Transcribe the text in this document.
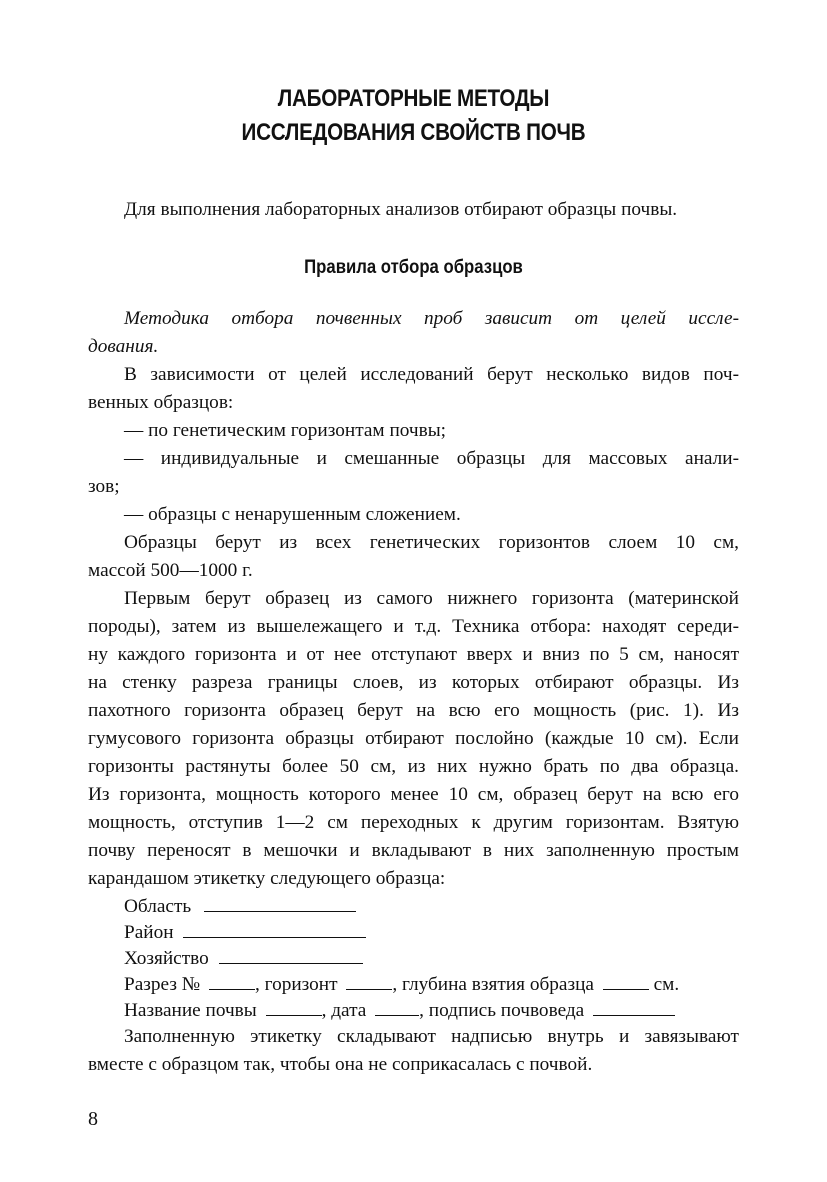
ЛАБОРАТОРНЫЕ МЕТОДЫ
ИССЛЕДОВАНИЯ СВОЙСТВ ПОЧВ
Для выполнения лабораторных анализов отбирают образцы почвы.
Правила отбора образцов
Методика отбора почвенных проб зависит от целей иссле-
дования.
В зависимости от целей исследований берут несколько видов поч-
венных образцов:
— по генетическим горизонтам почвы;
— индивидуальные и смешанные образцы для массовых анали-
зов;
— образцы с ненарушенным сложением.
Образцы берут из всех генетических горизонтов слоем 10 см,
массой 500—1000 г.
Первым берут образец из самого нижнего горизонта (материнской
породы), затем из вышележащего и т.д. Техника отбора: находят середи-
ну каждого горизонта и от нее отступают вверх и вниз по 5 см, наносят
на стенку разреза границы слоев, из которых отбирают образцы. Из
пахотного горизонта образец берут на всю его мощность (рис. 1). Из
гумусового горизонта образцы отбирают послойно (каждые 10 см). Если
горизонты растянуты более 50 см, из них нужно брать по два образца.
Из горизонта, мощность которого менее 10 см, образец берут на всю его
мощность, отступив 1—2 см переходных к другим горизонтам. Взятую
почву переносят в мешочки и вкладывают в них заполненную простым
карандашом этикетку следующего образца:
Область
Район
Хозяйство
Разрез №	, горизонт	, глубина взятия образца	см.
Название почвы	, дата	, подпись почвоведа
Заполненную этикетку складывают надписью внутрь и завязывают
вместе с образцом так, чтобы она не соприкасалась с почвой.
8
